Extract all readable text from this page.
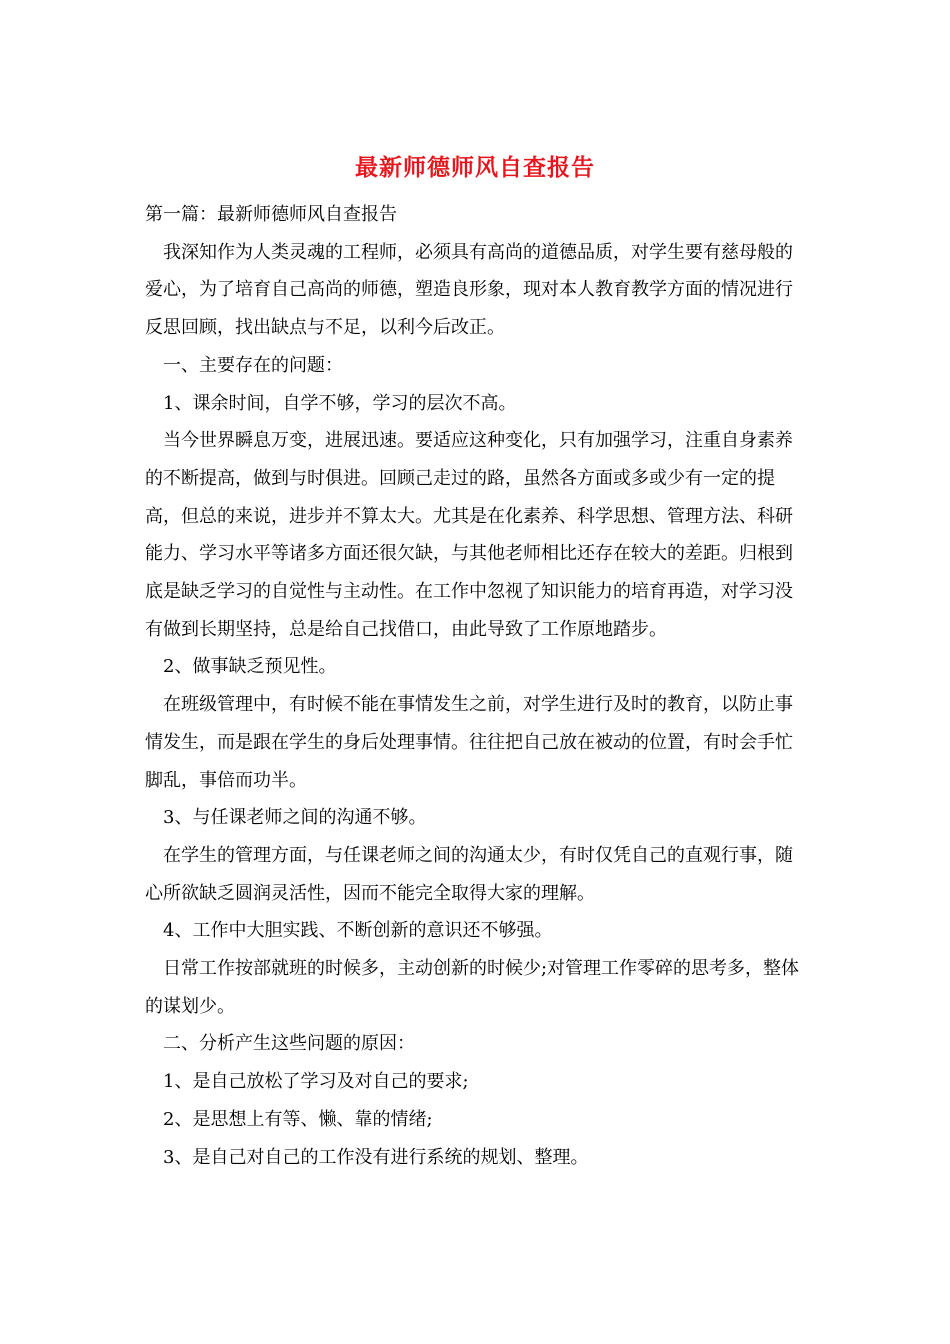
最新师德师风自查报告

第一篇：最新师德师风自查报告

我深知作为人类灵魂的工程师，必须具有高尚的道德品质，对学生要有慈母般的爱心，为了培育自己高尚的师德，塑造良形象，现对本人教育教学方面的情况进行反思回顾，找出缺点与不足，以利今后改正。

一、主要存在的问题：

1、课余时间，自学不够，学习的层次不高。

当今世界瞬息万变，进展迅速。要适应这种变化，只有加强学习，注重自身素养的不断提高，做到与时俱进。回顾己走过的路，虽然各方面或多或少有一定的提高，但总的来说，进步并不算太大。尤其是在化素养、科学思想、管理方法、科研能力、学习水平等诸多方面还很欠缺，与其他老师相比还存在较大的差距。归根到底是缺乏学习的自觉性与主动性。在工作中忽视了知识能力的培育再造，对学习没有做到长期坚持，总是给自己找借口，由此导致了工作原地踏步。

2、做事缺乏预见性。

在班级管理中，有时候不能在事情发生之前，对学生进行及时的教育，以防止事情发生，而是跟在学生的身后处理事情。往往把自己放在被动的位置，有时会手忙脚乱，事倍而功半。

3、与任课老师之间的沟通不够。

在学生的管理方面，与任课老师之间的沟通太少，有时仅凭自己的直观行事，随心所欲缺乏圆润灵活性，因而不能完全取得大家的理解。

4、工作中大胆实践、不断创新的意识还不够强。

日常工作按部就班的时候多，主动创新的时候少;对管理工作零碎的思考多，整体的谋划少。

二、分析产生这些问题的原因：

1、是自己放松了学习及对自己的要求;

2、是思想上有等、懒、靠的情绪;

3、是自己对自己的工作没有进行系统的规划、整理。
